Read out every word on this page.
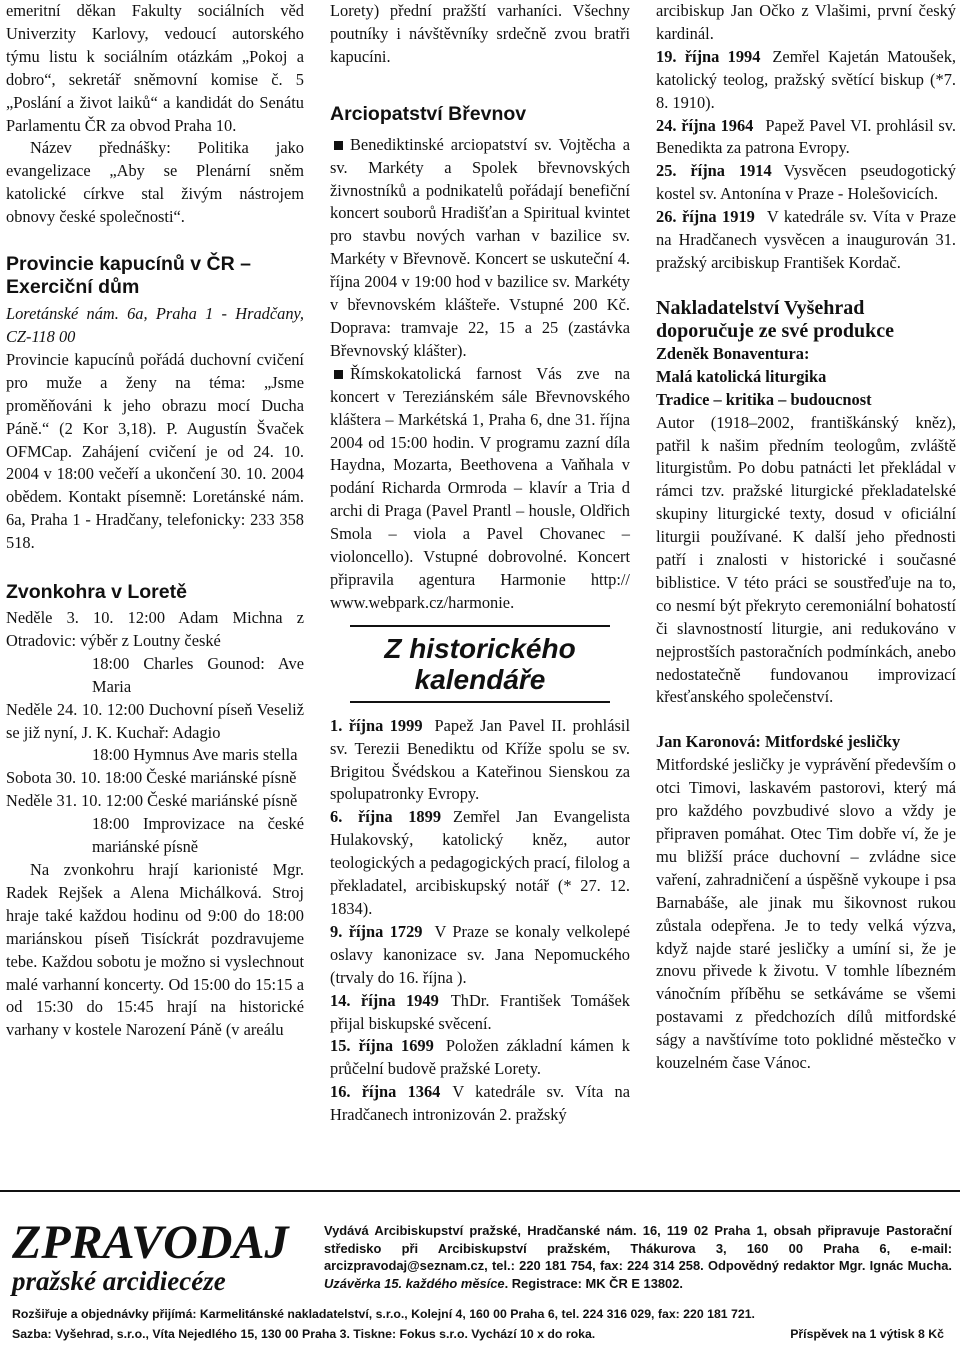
emeritní děkan Fakulty sociálních věd Univerzity Karlovy, vedoucí autorského týmu listu k sociálním otázkám „Pokoj a dobro“, sekretář sněmovní komise č. 5 „Poslání a život laiků“ a kandidát do Senátu Parlamentu ČR za obvod Praha 10.

Název přednášky: Politika jako evangelizace „Aby se Plenární sněm katolické církve stal živým nástrojem obnovy české společnosti“.

Provincie kapucínů v ČR – Exerciční dům

Loretánské nám. 6a, Praha 1 - Hradčany, CZ-118 00

Provincie kapucínů pořádá duchovní cvičení pro muže a ženy na téma: „Jsme proměňováni k jeho obrazu mocí Ducha Páně.“ (2 Kor 3,18). P. Augustín Švaček OFMCap. Zahájení cvičení je od 24. 10. 2004 v 18:00 večeří a ukončení 30. 10. 2004 obědem. Kontakt písemně: Loretánské nám. 6a, Praha 1 - Hradčany, telefonicky: 233 358 518.

Zvonkohra v Loretě

Neděle 3. 10. 12:00 Adam Michna z Otradovic: výběr z Loutny české

18:00 Charles Gounod: Ave Maria

Neděle 24. 10. 12:00 Duchovní píseň Veseliž se již nyní, J. K. Kuchař: Adagio

18:00 Hymnus Ave maris stella

Sobota 30. 10. 18:00 České mariánské písně

Neděle 31. 10. 12:00 České mariánské písně

18:00 Improvizace na české mariánské písně

Na zvonkohru hrají karionisté Mgr. Radek Rejšek a Alena Michálková. Stroj hraje také každou hodinu od 9:00 do 18:00 mariánskou píseň Tisíckrát pozdravujeme tebe. Každou sobotu je možno si vyslechnout malé varhanní koncerty. Od 15:00 do 15:15 a od 15:30 do 15:45 hrají na historické varhany v kostele Narození Páně (v areálu

Lorety) přední pražští varhaníci. Všechny poutníky i návštěvníky srdečně zvou bratři kapucíni.

Arciopatství Břevnov

Benediktinské arciopatství sv. Vojtěcha a sv. Markéty a Spolek břevnovských živnostníků a podnikatelů pořádají benefiční koncert souborů Hradišťan a Spiritual kvintet pro stavbu nových varhan v bazilice sv. Markéty v Břevnově. Koncert se uskuteční 4. října 2004 v 19:00 hod v bazilice sv. Markéty v břevnovském klášteře. Vstupné 200 Kč. Doprava: tramvaje 22, 15 a 25 (zastávka Břevnovský klášter).

Římskokatolická farnost Vás zve na koncert v Tereziánském sále Břevnovského kláštera – Markétská 1, Praha 6, dne 31. října 2004 od 15:00 hodin. V programu zazní díla Haydna, Mozarta, Beethovena a Vaňhala v podání Richarda Ormroda – klavír a Tria d archi di Praga (Pavel Prantl – housle, Oldřich Smola – viola a Pavel Chovanec – violoncello). Vstupné dobrovolné. Koncert připravila agentura Harmonie http:// www.webpark.cz/harmonie.

Z historického kalendáře

1. října 1999 Papež Jan Pavel II. prohlásil sv. Terezii Benediktu od Kříže spolu se sv. Brigitou Švédskou a Kateřinou Sienskou za spolupatronky Evropy.

6. října 1899 Zemřel Jan Evangelista Hulakovský, katolický kněz, autor teologických a pedagogických prací, filolog a překladatel, arcibiskupský notář (* 27. 12. 1834).

9. října 1729 V Praze se konaly velkolepé oslavy kanonizace sv. Jana Nepomuckého (trvaly do 16. října ).

14. října 1949 ThDr. František Tomášek přijal biskupské svěcení.

15. října 1699 Položen základní kámen k průčelní budově pražské Lorety.

16. října 1364 V katedrále sv. Víta na Hradčanech intronizován 2. pražský

arcibiskup Jan Očko z Vlašimi, první český kardinál.

19. října 1994 Zemřel Kajetán Matoušek, katolický teolog, pražský světící biskup (*7. 8. 1910).

24. října 1964 Papež Pavel VI. prohlásil sv. Benedikta za patrona Evropy.

25. října 1914 Vysvěcen pseudogotický kostel sv. Antonína v Praze - Holešovicích.

26. října 1919 V katedrále sv. Víta v Praze na Hradčanech vysvěcen a inaugurován 31. pražský arcibiskup František Kordač.

Nakladatelství Vyšehrad doporučuje ze své produkce

Zdeněk Bonaventura:

Malá katolická liturgika

Tradice – kritika – budoucnost

Autor (1918–2002, františkánský kněz), patřil k našim předním teologům, zvláště liturgistům. Po dobu patnácti let překládal v rámci tzv. pražské liturgické překladatelské skupiny liturgické texty, dosud v oficiální liturgii používané. K další jeho přednosti patří i znalosti v historické i současné biblistice. V této práci se soustřeďuje na to, co nesmí být překryto ceremoniální bohatostí či slavnostností liturgie, ani redukováno v nejprostších pastoračních podmínkách, anebo nedostatečně fundovanou improvizací křesťanského společenství.

Jan Karonová: Mitfordské jesličky

Mitfordské jesličky je vyprávění především o otci Timovi, laskavém pastorovi, který má pro každého povzbudivé slovo a vždy je připraven pomáhat. Otec Tim dobře ví, že je mu bližší práce duchovní – zvládne sice vaření, zahradničení a úspěšně vykoupe i psa Barnabáše, ale jinak mu šikovnost rukou zůstala odepřena. Je to tedy velká výzva, když najde staré jesličky a umíní si, že je znovu přivede k životu. V tomhle líbezném vánočním příběhu se setkáváme se všemi postavami z předchozích dílů mitfordské ságy a navštívíme toto poklidné městečko v kouzelném čase Vánoc.

ZPRAVODAJ
pražské arcidiecéze
Vydává Arcibiskupství pražské, Hradčanské nám. 16, 119 02 Praha 1, obsah připravuje Pastorační středisko při Arcibiskupství pražském, Thákurova 3, 160 00 Praha 6, e-mail: arcizpravodaj@seznam.cz, tel.: 220 181 754, fax: 224 314 258. Odpovědný redaktor Mgr. Ignác Mucha. Uzávěrka 15. každého měsíce. Registrace: MK ČR E 13802.
Rozšiřuje a objednávky přijímá: Karmelitánské nakladatelství, s.r.o., Kolejní 4, 160 00 Praha 6, tel. 224 316 029, fax: 220 181 721.
Sazba: Vyšehrad, s.r.o., Víta Nejedlého 15, 130 00 Praha 3. Tiskne: Fokus s.r.o. Vychází 10 x do roka.	Příspěvek na 1 výtisk 8 Kč
